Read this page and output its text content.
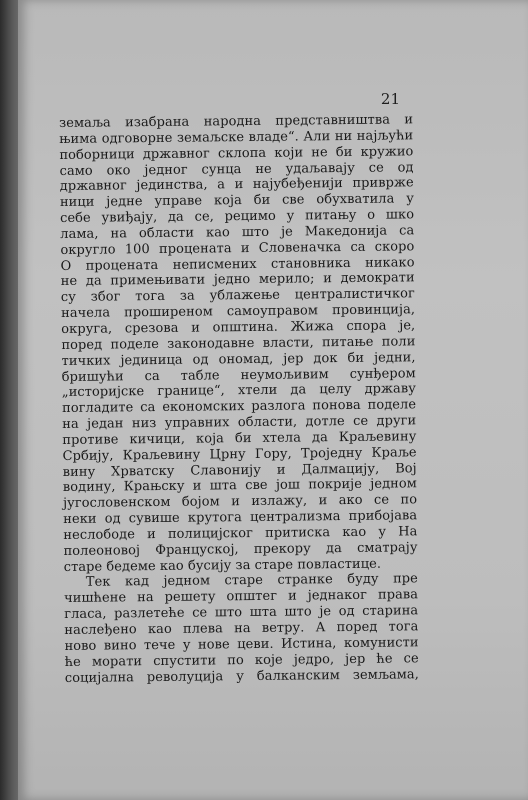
21

земаља изабрана народна представништва и
њима одговорне земаљске владе“. Али ни најљући
поборници државног склопа који не би кружио
само око једног сунца не удаљавају се од
државног јединства, а и најубеђенији приврже
ници једне управе која би све обухватила у
себе увиђају, да се, рецимо у питању о шко
лама, на области као што је Македонија са
округло 100 процената и Словеначка са скоро
О процената неписмених становника никако
не да примењивати једно мерило; и демократи
су због тога за ублажење централистичког
начела проширеном самоуправом провинција,
округа, срезова и општина. Жижа спора је,
поред поделе законодавне власти, питање поли
тичких јединица од ономад, јер док би једни,
бришући са табле неумољивим сунђером
„историјске границе“, хтели да целу државу
погладите са економских разлога понова поделе
на један низ управних области, дотле се други
противе кичици, која би хтела да Краљевину
Србију, Краљевину Црну Гору, Троједну Краље
вину Хрватску Славонију и Далмацију, Вој
водину, Крањску и шта све још покрије једном
југословенском бојом и излажу, и ако се по
неки од сувише крутога централизма прибојава
неслободе и полицијског притиска као у На
полеоновој Француској, прекору да сматрају
старе бедеме као бусију за старе повластице.
Тек кад једном старе странке буду пре
чишћене на решету општег и једнаког права
гласа, разлетеће се што шта што је од старина
наслеђено као плева на ветру. А поред тога
ново вино тече у нове цеви. Истина, комунисти
ће морати спустити по које једро, јер ће се
социјална револуција у балканским земљама,
